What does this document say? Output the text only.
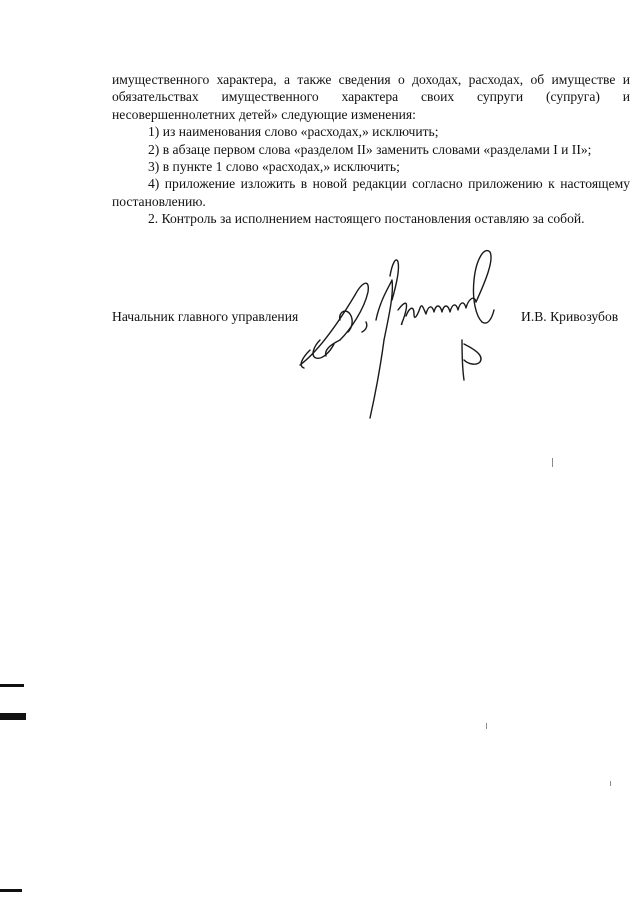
имущественного характера, а также сведения о доходах, расходах, об имуществе и обязательствах имущественного характера своих супруги (супруга) и несовершеннолетних детей» следующие изменения:

1) из наименования слово «расходах,» исключить;

2) в абзаце первом слова «разделом II» заменить словами «разделами I и II»;

3) в пункте 1 слово «расходах,» исключить;

4) приложение изложить в новой редакции согласно приложению к настоящему постановлению.

2. Контроль за исполнением настоящего постановления оставляю за собой.

Начальник главного управления	И.В. Кривозубов
